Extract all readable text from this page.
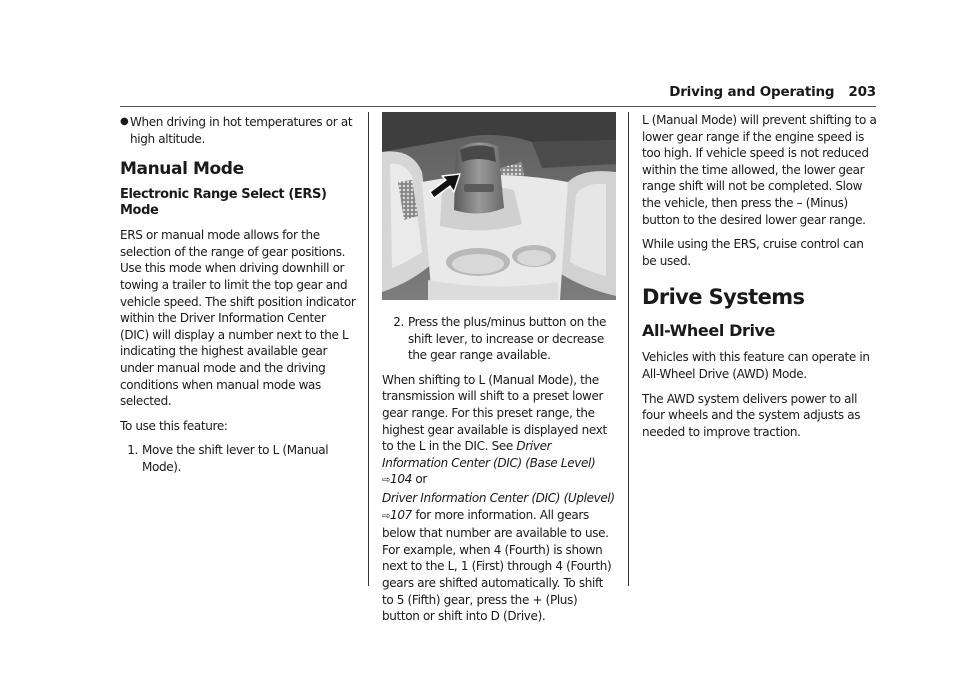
Driving and Operating 203
● When driving in hot temperatures or at high altitude.
Manual Mode
Electronic Range Select (ERS) Mode

ERS or manual mode allows for the selection of the range of gear positions. Use this mode when driving downhill or towing a trailer to limit the top gear and vehicle speed. The shift position indicator within the Driver Information Center (DIC) will display a number next to the L indicating the highest available gear under manual mode and the driving conditions when manual mode was selected.

To use this feature:

1. Move the shift lever to L (Manual Mode).
2. Press the plus/minus button on the shift lever, to increase or decrease the gear range available.

When shifting to L (Manual Mode), the transmission will shift to a preset lower gear range. For this preset range, the highest gear available is displayed next to the L in the DIC. See Driver Information Center (DIC) (Base Level) ⇨104 or
Driver Information Center (DIC) (Uplevel)
⇨107 for more information. All gears below that number are available to use. For example, when 4 (Fourth) is shown next to the L, 1 (First) through 4 (Fourth) gears are shifted automatically. To shift to 5 (Fifth) gear, press the + (Plus) button or shift into D (Drive).

L (Manual Mode) will prevent shifting to a lower gear range if the engine speed is too high. If vehicle speed is not reduced within the time allowed, the lower gear range shift will not be completed. Slow the vehicle, then press the – (Minus) button to the desired lower gear range.

While using the ERS, cruise control can be used.

Drive Systems
All-Wheel Drive

Vehicles with this feature can operate in All-Wheel Drive (AWD) Mode.

The AWD system delivers power to all four wheels and the system adjusts as needed to improve traction.
